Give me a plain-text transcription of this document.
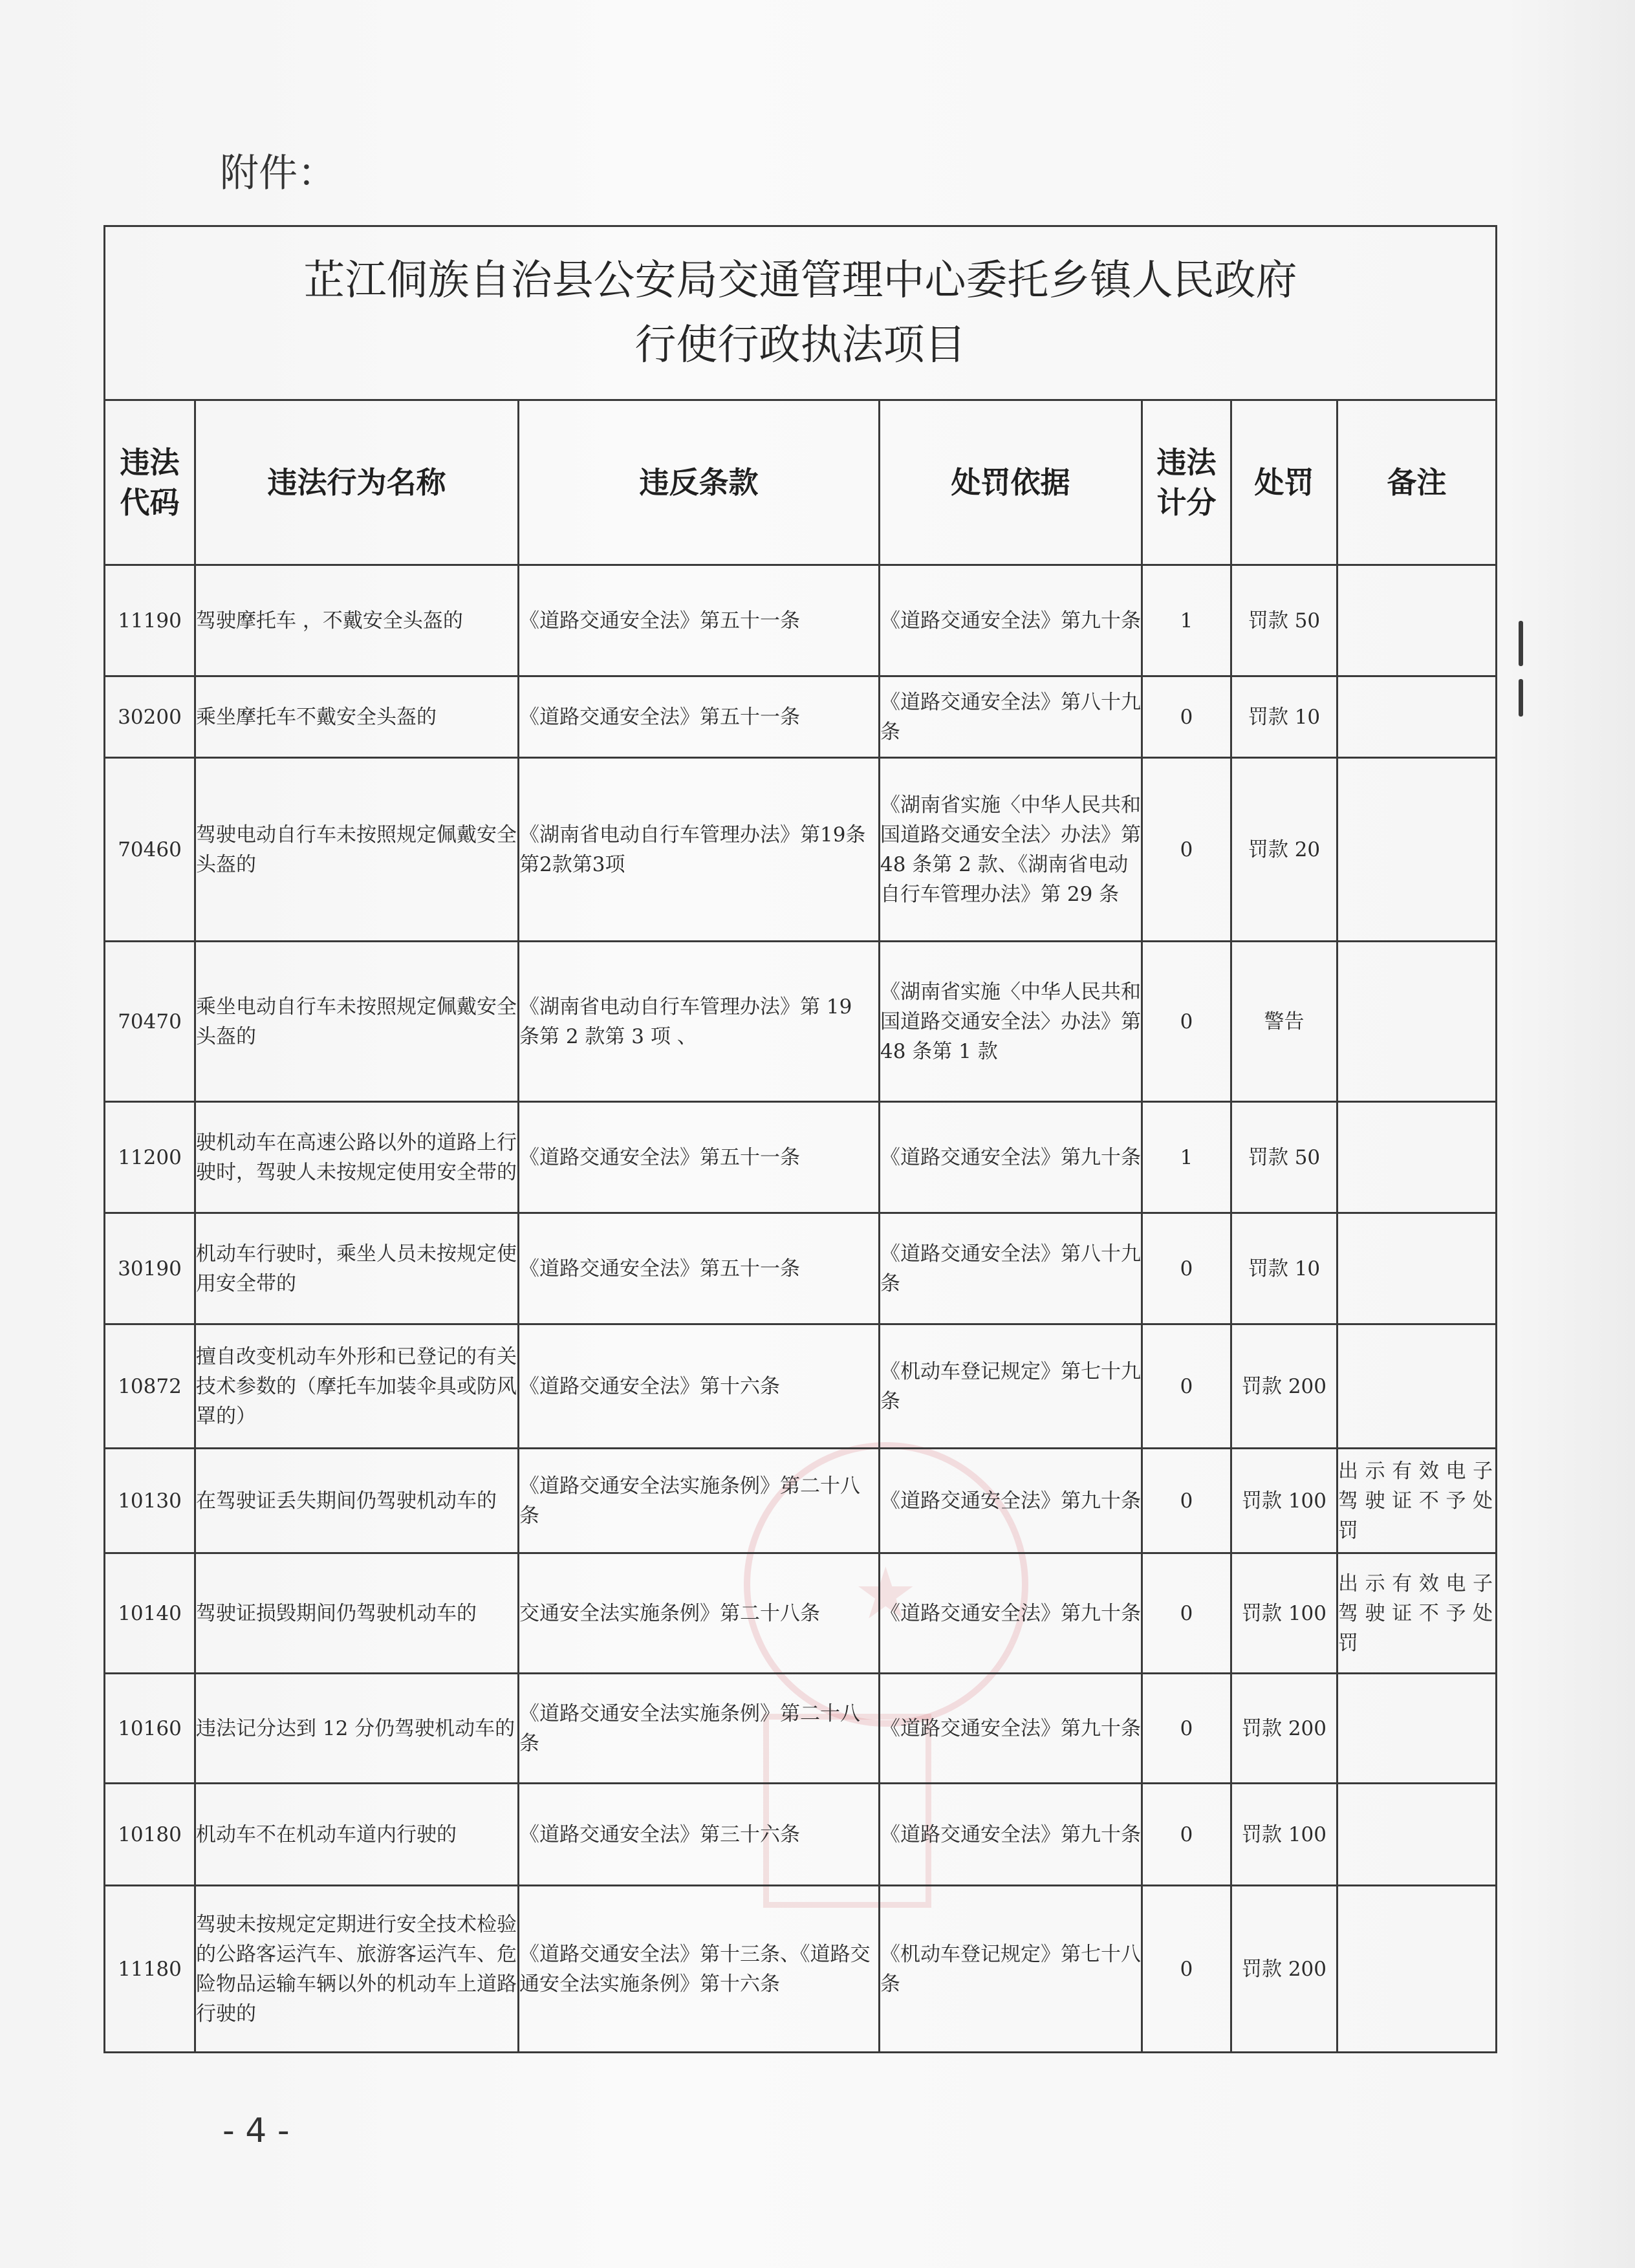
★
附件：
芷江侗族自治县公安局交通管理中心委托乡镇人民政府
行使行政执法项目						

违法代码	违法行为名称	违反条款	处罚依据	违法计分	处罚	备注
11190	驾驶摩托车 ，不戴安全头盔的	《道路交通安全法》第五十一条	《道路交通安全法》第九十条	1	罚款 50	
30200	乘坐摩托车不戴安全头盔的	《道路交通安全法》第五十一条	《道路交通安全法》第八十九条	0	罚款 10	
70460	驾驶电动自行车未按照规定佩戴安全头盔的	《湖南省电动自行车管理办法》第19条第2款第3项	《湖南省实施〈中华人民共和国道路交通安全法〉办法》第 48 条第 2 款、《湖南省电动自行车管理办法》第 29 条	0	罚款 20	
70470	乘坐电动自行车未按照规定佩戴安全头盔的	《湖南省电动自行车管理办法》第 19 条第 2 款第 3 项 、	《湖南省实施〈中华人民共和国道路交通安全法〉办法》第 48 条第 1 款	0	警告	
11200	驶机动车在高速公路以外的道路上行驶时，驾驶人未按规定使用安全带的	《道路交通安全法》第五十一条	《道路交通安全法》第九十条	1	罚款 50	
30190	机动车行驶时，乘坐人员未按规定使用安全带的	《道路交通安全法》第五十一条	《道路交通安全法》第八十九条	0	罚款 10	
10872	擅自改变机动车外形和已登记的有关技术参数的（摩托车加装伞具或防风罩的）	《道路交通安全法》第十六条	《机动车登记规定》第七十九条	0	罚款 200	
10130	在驾驶证丢失期间仍驾驶机动车的	《道路交通安全法实施条例》第二十八条	《道路交通安全法》第九十条	0	罚款 100	出示有效电子驾驶证不予处罚
10140	驾驶证损毁期间仍驾驶机动车的	交通安全法实施条例》第二十八条	《道路交通安全法》第九十条	0	罚款 100	出示有效电子驾驶证不予处罚
10160	违法记分达到 12 分仍驾驶机动车的	《道路交通安全法实施条例》第二十八条	《道路交通安全法》第九十条	0	罚款 200	
10180	机动车不在机动车道内行驶的	《道路交通安全法》第三十六条	《道路交通安全法》第九十条	0	罚款 100	
11180	驾驶未按规定定期进行安全技术检验的公路客运汽车、旅游客运汽车、危险物品运输车辆以外的机动车上道路行驶的	《道路交通安全法》第十三条、《道路交通安全法实施条例》第十六条	《机动车登记规定》第七十八条	0	罚款 200	
- 4 -
